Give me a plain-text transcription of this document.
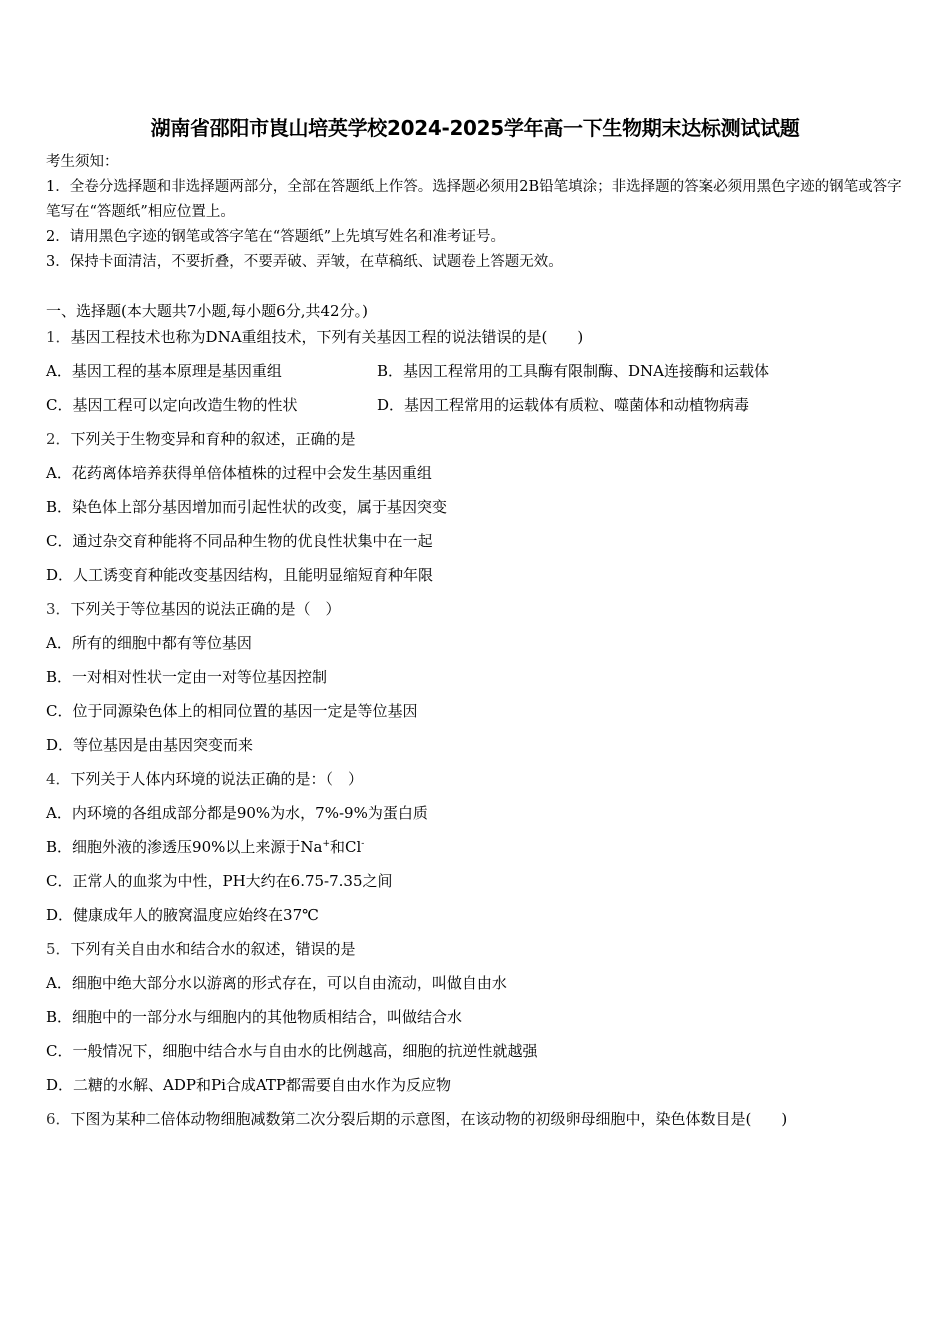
湖南省邵阳市崀山培英学校2024-2025学年高一下生物期末达标测试试题

考生须知：

1．全卷分选择题和非选择题两部分，全部在答题纸上作答。选择题必须用2B铅笔填涂；非选择题的答案必须用黑色字迹的钢笔或答字笔写在“答题纸”相应位置上。

2．请用黑色字迹的钢笔或答字笔在“答题纸”上先填写姓名和准考证号。

3．保持卡面清洁，不要折叠，不要弄破、弄皱，在草稿纸、试题卷上答题无效。

一、选择题(本大题共7小题,每小题6分,共42分。)
1．基因工程技术也称为DNA重组技术，下列有关基因工程的说法错误的是(　　)
A．基因工程的基本原理是基因重组	B．基因工程常用的工具酶有限制酶、DNA连接酶和运载体
C．基因工程可以定向改造生物的性状	D．基因工程常用的运载体有质粒、噬菌体和动植物病毒
2．下列关于生物变异和育种的叙述，正确的是
A．花药离体培养获得单倍体植株的过程中会发生基因重组
B．染色体上部分基因增加而引起性状的改变，属于基因突变
C．通过杂交育种能将不同品种生物的优良性状集中在一起
D．人工诱变育种能改变基因结构，且能明显缩短育种年限
3．下列关于等位基因的说法正确的是（　）
A．所有的细胞中都有等位基因
B．一对相对性状一定由一对等位基因控制
C．位于同源染色体上的相同位置的基因一定是等位基因
D．等位基因是由基因突变而来
4．下列关于人体内环境的说法正确的是：（　）
A．内环境的各组成部分都是90%为水，7%-9%为蛋白质
B．细胞外液的渗透压90%以上来源于Na+和Cl-
C．正常人的血浆为中性，PH大约在6.75-7.35之间
D．健康成年人的腋窝温度应始终在37℃
5．下列有关自由水和结合水的叙述，错误的是
A．细胞中绝大部分水以游离的形式存在，可以自由流动，叫做自由水
B．细胞中的一部分水与细胞内的其他物质相结合，叫做结合水
C．一般情况下，细胞中结合水与自由水的比例越高，细胞的抗逆性就越强
D．二糖的水解、ADP和Pi合成ATP都需要自由水作为反应物
6．下图为某种二倍体动物细胞减数第二次分裂后期的示意图，在该动物的初级卵母细胞中，染色体数目是(　　)
